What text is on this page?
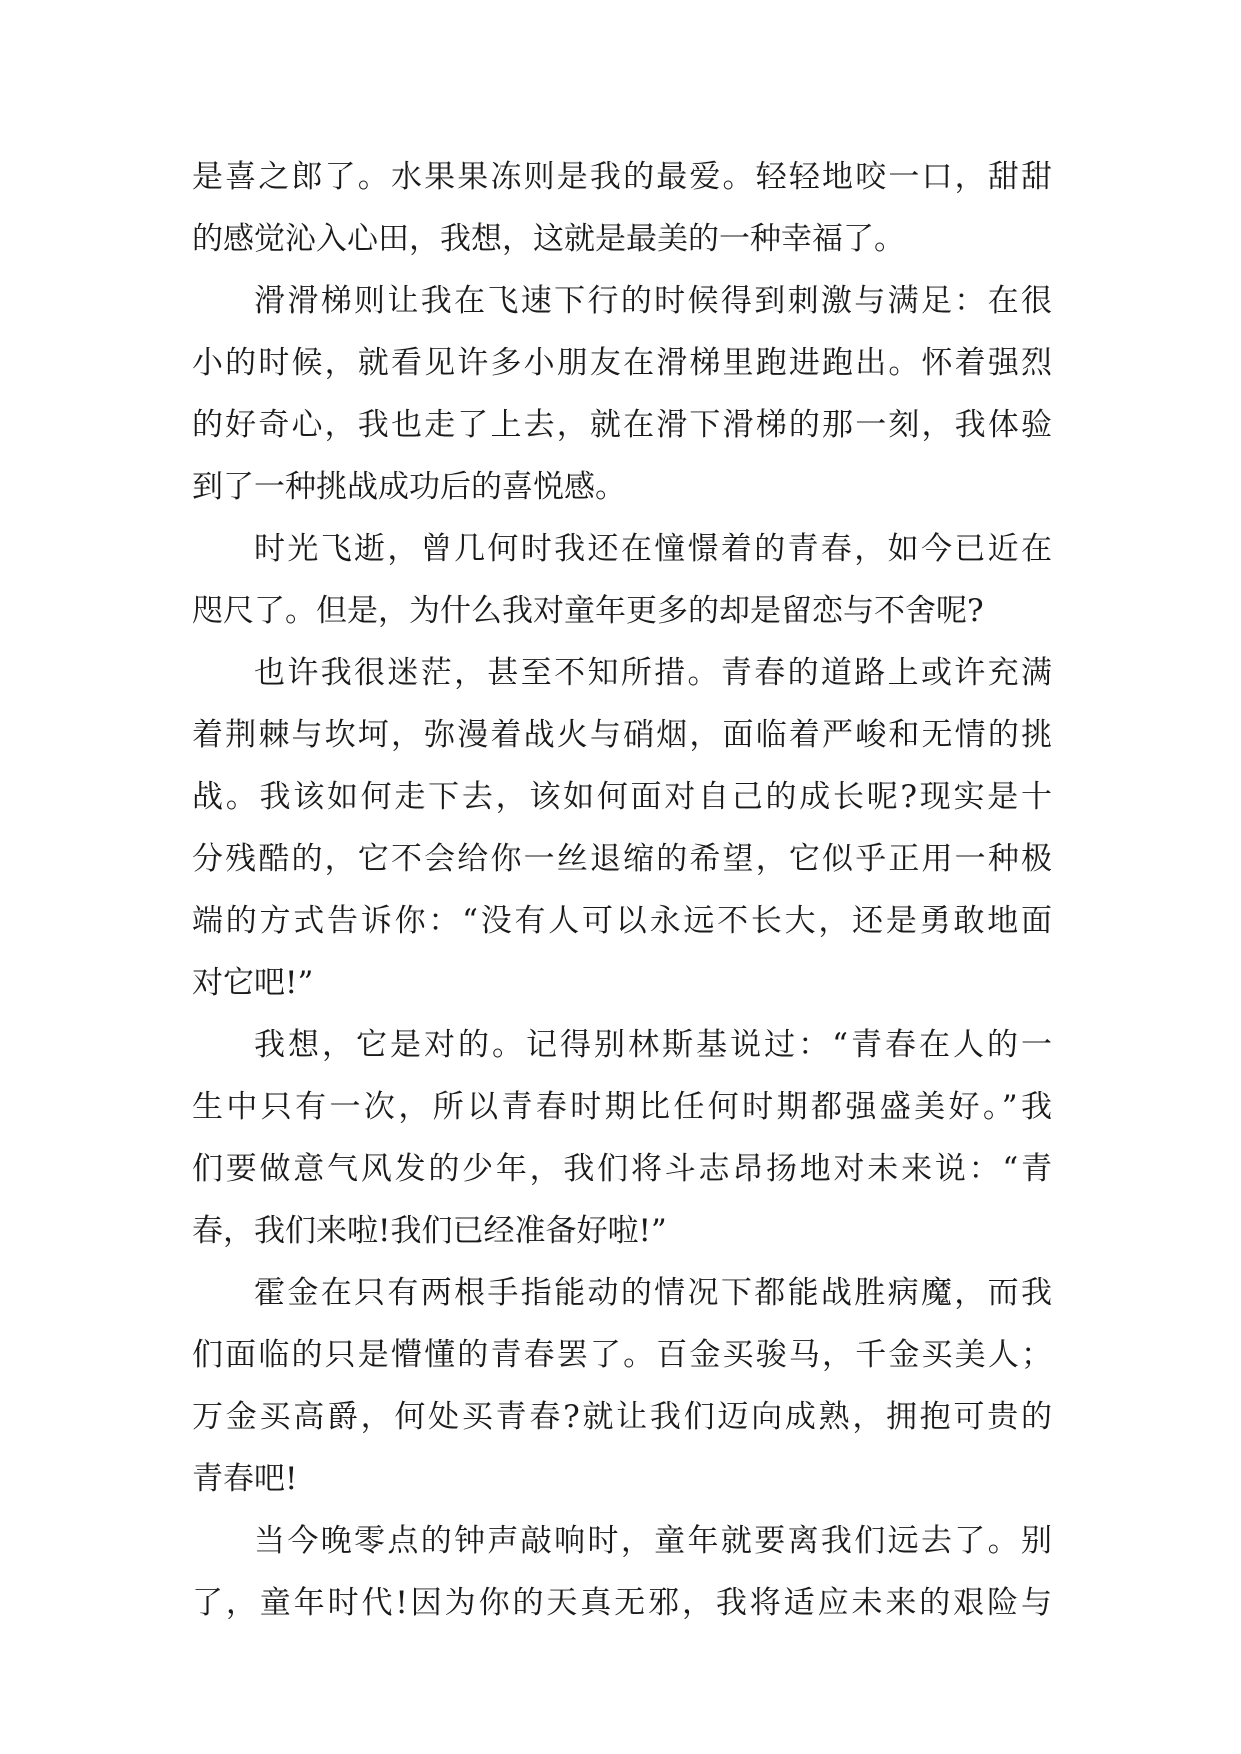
是喜之郎了。水果果冻则是我的最爱。轻轻地咬一口，甜甜
的感觉沁入心田，我想，这就是最美的一种幸福了。
滑滑梯则让我在飞速下行的时候得到刺激与满足：在很
小的时候，就看见许多小朋友在滑梯里跑进跑出。怀着强烈
的好奇心，我也走了上去，就在滑下滑梯的那一刻，我体验
到了一种挑战成功后的喜悦感。
时光飞逝，曾几何时我还在憧憬着的青春，如今已近在
咫尺了。但是，为什么我对童年更多的却是留恋与不舍呢?
也许我很迷茫，甚至不知所措。青春的道路上或许充满
着荆棘与坎坷，弥漫着战火与硝烟，面临着严峻和无情的挑
战。我该如何走下去，该如何面对自己的成长呢?现实是十
分残酷的，它不会给你一丝退缩的希望，它似乎正用一种极
端的方式告诉你：“没有人可以永远不长大，还是勇敢地面
对它吧!”
我想，它是对的。记得别林斯基说过：“青春在人的一
生中只有一次，所以青春时期比任何时期都强盛美好。”我
们要做意气风发的少年，我们将斗志昂扬地对未来说：“青
春，我们来啦!我们已经准备好啦!”
霍金在只有两根手指能动的情况下都能战胜病魔，而我
们面临的只是懵懂的青春罢了。百金买骏马，千金买美人；
万金买高爵，何处买青春?就让我们迈向成熟，拥抱可贵的
青春吧!
当今晚零点的钟声敲响时，童年就要离我们远去了。别
了，童年时代!因为你的天真无邪，我将适应未来的艰险与
